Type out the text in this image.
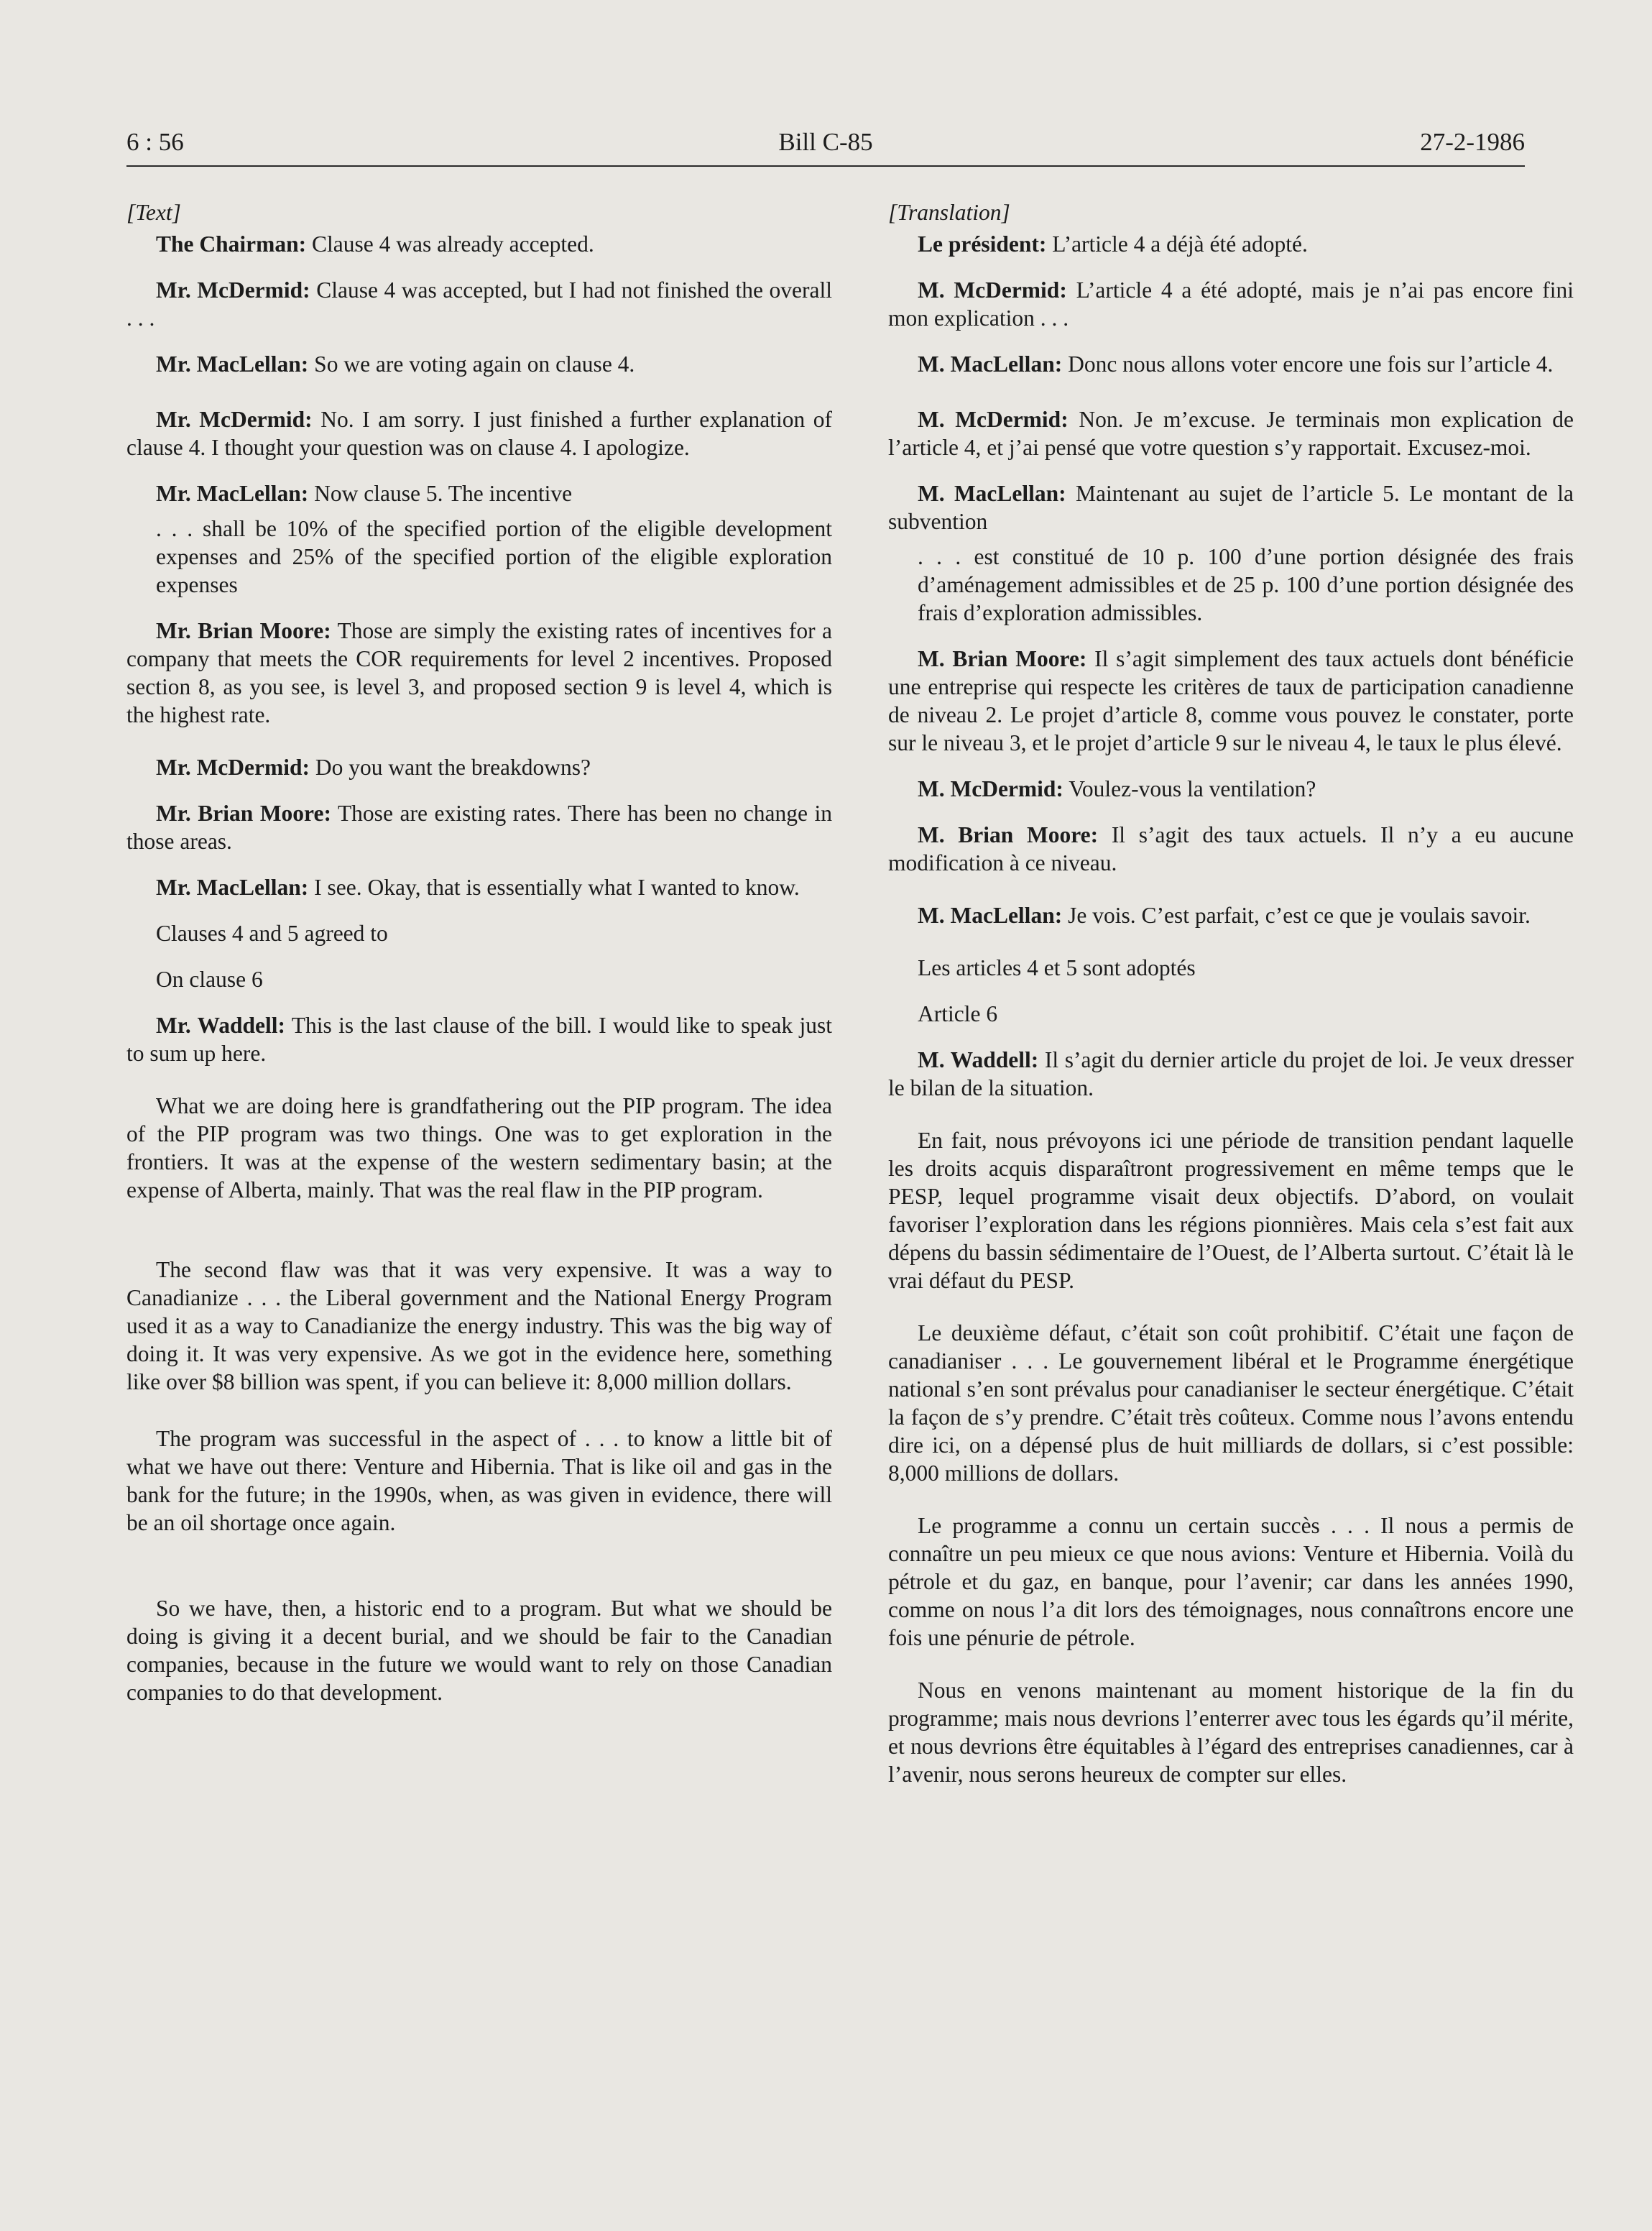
6 : 56	Bill C-85	27-2-1986
[Text]

The Chairman: Clause 4 was already accepted.

Mr. McDermid: Clause 4 was accepted, but I had not finished the overall . . .

Mr. MacLellan: So we are voting again on clause 4.

Mr. McDermid: No. I am sorry. I just finished a further explanation of clause 4. I thought your question was on clause 4. I apologize.

Mr. MacLellan: Now clause 5. The incentive

. . . shall be 10% of the specified portion of the eligible development expenses and 25% of the specified portion of the eligible exploration expenses

Mr. Brian Moore: Those are simply the existing rates of incentives for a company that meets the COR requirements for level 2 incentives. Proposed section 8, as you see, is level 3, and proposed section 9 is level 4, which is the highest rate.

Mr. McDermid: Do you want the breakdowns?

Mr. Brian Moore: Those are existing rates. There has been no change in those areas.

Mr. MacLellan: I see. Okay, that is essentially what I wanted to know.

Clauses 4 and 5 agreed to

On clause 6

Mr. Waddell: This is the last clause of the bill. I would like to speak just to sum up here.

What we are doing here is grandfathering out the PIP program. The idea of the PIP program was two things. One was to get exploration in the frontiers. It was at the expense of the western sedimentary basin; at the expense of Alberta, mainly. That was the real flaw in the PIP program.

The second flaw was that it was very expensive. It was a way to Canadianize . . . the Liberal government and the National Energy Program used it as a way to Canadianize the energy industry. This was the big way of doing it. It was very expensive. As we got in the evidence here, something like over $8 billion was spent, if you can believe it: 8,000 million dollars.

The program was successful in the aspect of . . . to know a little bit of what we have out there: Venture and Hibernia. That is like oil and gas in the bank for the future; in the 1990s, when, as was given in evidence, there will be an oil shortage once again.

So we have, then, a historic end to a program. But what we should be doing is giving it a decent burial, and we should be fair to the Canadian companies, because in the future we would want to rely on those Canadian companies to do that development.

[Translation]

Le président: L’article 4 a déjà été adopté.

M. McDermid: L’article 4 a été adopté, mais je n’ai pas encore fini mon explication . . .

M. MacLellan: Donc nous allons voter encore une fois sur l’article 4.

M. McDermid: Non. Je m’excuse. Je terminais mon explication de l’article 4, et j’ai pensé que votre question s’y rapportait. Excusez-moi.

M. MacLellan: Maintenant au sujet de l’article 5. Le montant de la subvention

. . . est constitué de 10 p. 100 d’une portion désignée des frais d’aménagement admissibles et de 25 p. 100 d’une portion désignée des frais d’exploration admissibles.

M. Brian Moore: Il s’agit simplement des taux actuels dont bénéficie une entreprise qui respecte les critères de taux de participation canadienne de niveau 2. Le projet d’article 8, comme vous pouvez le constater, porte sur le niveau 3, et le projet d’article 9 sur le niveau 4, le taux le plus élevé.

M. McDermid: Voulez-vous la ventilation?

M. Brian Moore: Il s’agit des taux actuels. Il n’y a eu aucune modification à ce niveau.

M. MacLellan: Je vois. C’est parfait, c’est ce que je voulais savoir.

Les articles 4 et 5 sont adoptés

Article 6

M. Waddell: Il s’agit du dernier article du projet de loi. Je veux dresser le bilan de la situation.

En fait, nous prévoyons ici une période de transition pendant laquelle les droits acquis disparaîtront progressivement en même temps que le PESP, lequel programme visait deux objectifs. D’abord, on voulait favoriser l’exploration dans les régions pionnières. Mais cela s’est fait aux dépens du bassin sédimentaire de l’Ouest, de l’Alberta surtout. C’était là le vrai défaut du PESP.

Le deuxième défaut, c’était son coût prohibitif. C’était une façon de canadianiser . . . Le gouvernement libéral et le Programme énergétique national s’en sont prévalus pour canadianiser le secteur énergétique. C’était la façon de s’y prendre. C’était très coûteux. Comme nous l’avons entendu dire ici, on a dépensé plus de huit milliards de dollars, si c’est possible: 8,000 millions de dollars.

Le programme a connu un certain succès . . . Il nous a permis de connaître un peu mieux ce que nous avions: Venture et Hibernia. Voilà du pétrole et du gaz, en banque, pour l’avenir; car dans les années 1990, comme on nous l’a dit lors des témoignages, nous connaîtrons encore une fois une pénurie de pétrole.

Nous en venons maintenant au moment historique de la fin du programme; mais nous devrions l’enterrer avec tous les égards qu’il mérite, et nous devrions être équitables à l’égard des entreprises canadiennes, car à l’avenir, nous serons heureux de compter sur elles.
